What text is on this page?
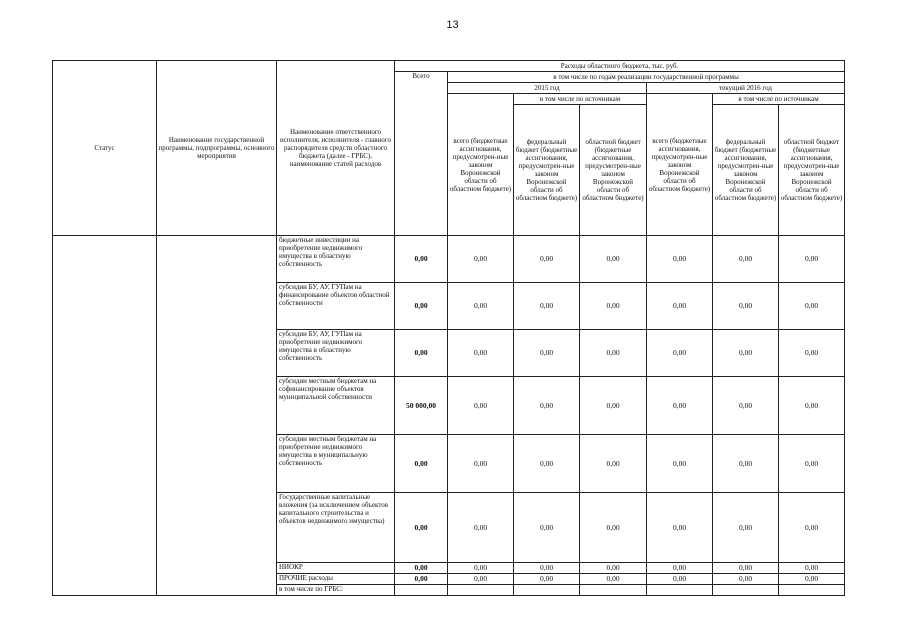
13
Статус	Наименование государственной программы, подпрограммы, основного мероприятия	Наименование ответственного исполнителя, исполнителя - главного распорядителя средств областного бюджета (далее - ГРБС), наименование статей расходов	Расходы областного бюджета, тыс. руб.						
			Всего	в том числе по годам реализации государственной программы					
				2015 год			текущий 2016 год		
				всего (бюджетные ассигнования, предусмотрен-ные законом Воронежской области об областном бюджете)	в том числе по источникам		всего (бюджетные ассигнования, предусмотрен-ные законом Воронежской области об областном бюджете)	в том числе по источникам	
					федеральный бюджет (бюджетные ассигнования, предусмотрен-ные законом Воронежской области об областном бюджете)	областной бюджет (бюджетные ассигнования, предусмотрен-ные законом Воронежской области об областном бюджете)		федеральный бюджет (бюджетные ассигнования, предусмотрен-ные законом Воронежской области об областном бюджете)	областной бюджет (бюджетные ассигнования, предусмотрен-ные законом Воронежской области об областном бюджете)
		бюджетные инвестиции на приобретение недвижимого имущества в областную собственность	0,00	0,00	0,00	0,00	0,00	0,00	0,00
		субсидии БУ, АУ, ГУПам на финансирование объектов областной собственности	0,00	0,00	0,00	0,00	0,00	0,00	0,00
		субсидии БУ, АУ, ГУПам на приобретение недвижимого имущества в областную собственность	0,00	0,00	0,00	0,00	0,00	0,00	0,00
		субсидии местным бюджетам на софинансирование объектов муниципальной собственности	50 000,00	0,00	0,00	0,00	0,00	0,00	0,00
		субсидии местным бюджетам на приобретение недвижимого имущества в муниципальную собственность	0,00	0,00	0,00	0,00	0,00	0,00	0,00
		Государственные капитальные вложения (за исключением объектов капитального строительства и объектов недвижимого имущества)	0,00	0,00	0,00	0,00	0,00	0,00	0,00
		НИОКР	0,00	0,00	0,00	0,00	0,00	0,00	0,00
		ПРОЧИЕ расходы	0,00	0,00	0,00	0,00	0,00	0,00	0,00
		в том числе по ГРБС:							
